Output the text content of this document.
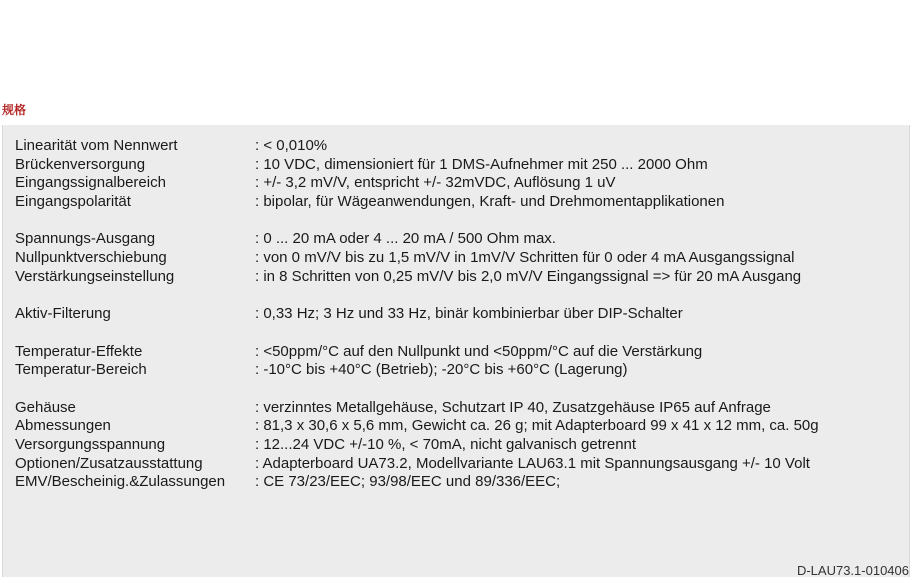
规格
Linearität vom Nennwert	: < 0,010%
Brückenversorgung	: 10 VDC, dimensioniert für 1 DMS-Aufnehmer mit 250 ... 2000 Ohm
Eingangssignalbereich	: +/- 3,2 mV/V, entspricht +/- 32mVDC, Auflösung 1 uV
Eingangspolarität	: bipolar, für Wägeanwendungen, Kraft- und Drehmomentapplikationen
Spannungs-Ausgang	: 0 ... 20 mA oder 4 ... 20 mA / 500 Ohm max.
Nullpunktverschiebung	: von 0 mV/V bis zu 1,5 mV/V in 1mV/V Schritten für 0 oder 4 mA Ausgangssignal
Verstärkungseinstellung	: in 8 Schritten von 0,25 mV/V bis 2,0 mV/V Eingangssignal => für 20 mA Ausgang
Aktiv-Filterung	: 0,33 Hz; 3 Hz und 33 Hz, binär kombinierbar über DIP-Schalter
Temperatur-Effekte	: <50ppm/°C auf den Nullpunkt und <50ppm/°C auf die Verstärkung
Temperatur-Bereich	: -10°C bis +40°C (Betrieb); -20°C bis +60°C (Lagerung)
Gehäuse	: verzinntes Metallgehäuse, Schutzart IP 40, Zusatzgehäuse IP65 auf Anfrage
Abmessungen	: 81,3 x 30,6 x 5,6 mm, Gewicht ca. 26 g; mit Adapterboard 99 x 41 x 12 mm, ca. 50g
Versorgungsspannung	: 12...24 VDC +/-10 %, < 70mA, nicht galvanisch getrennt
Optionen/Zusatzausstattung	: Adapterboard UA73.2, Modellvariante LAU63.1 mit Spannungsausgang +/- 10 Volt
EMV/Bescheinig.&Zulassungen : CE 73/23/EEC; 93/98/EEC und 89/336/EEC;
D-LAU73.1-010406
